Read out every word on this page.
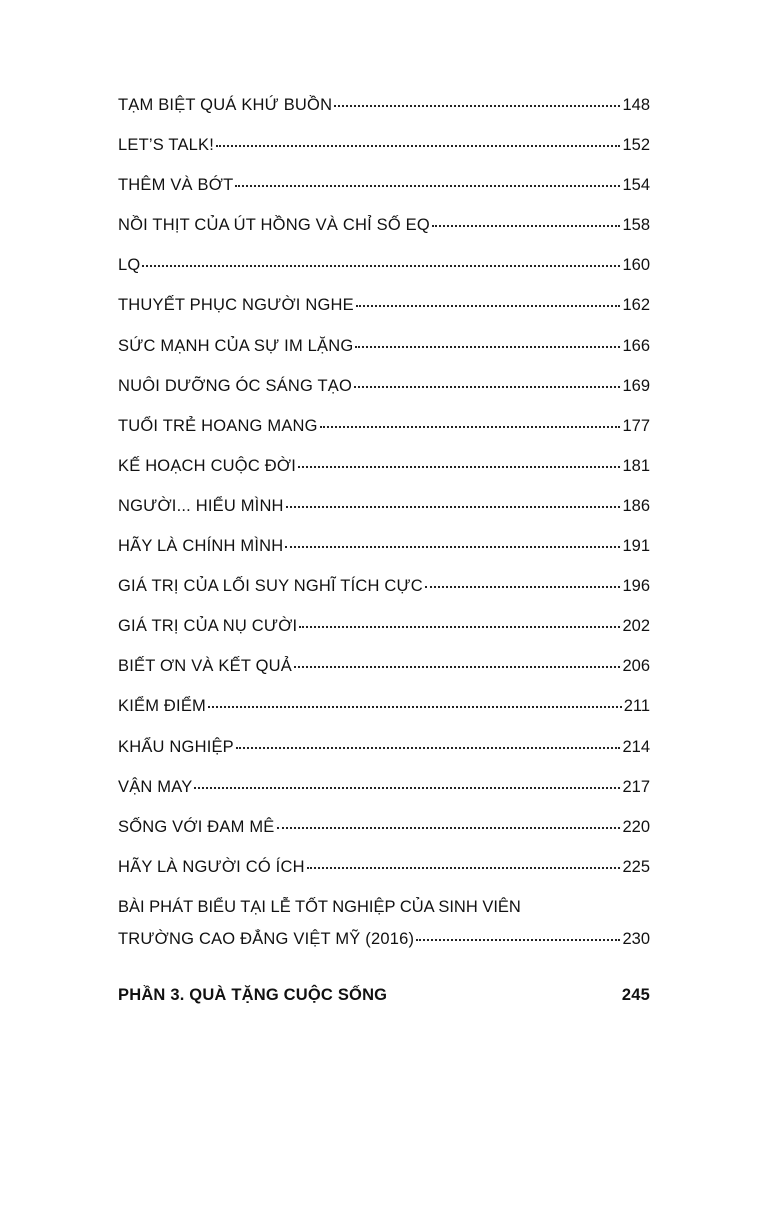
TẠM BIỆT QUÁ KHỨ BUỒN	148
LET’S TALK!	152
THÊM VÀ BỚT	154
NỒI THỊT CỦA ÚT HỒNG VÀ CHỈ SỐ EQ	158
LQ	160
THUYẾT PHỤC NGƯỜI NGHE	162
SỨC MẠNH CỦA SỰ IM LẶNG	166
NUÔI DƯỠNG ÓC SÁNG TẠO	169
TUỔI TRẺ HOANG MANG	177
KẾ HOẠCH CUỘC ĐỜI	181
NGƯỜI... HIỂU MÌNH	186
HÃY LÀ CHÍNH MÌNH	191
GIÁ TRỊ CỦA LỐI SUY NGHĨ TÍCH CỰC	196
GIÁ TRỊ CỦA NỤ CƯỜI	202
BIẾT ƠN VÀ KẾT QUẢ	206
KIỂM ĐIỂM	211
KHẨU NGHIỆP	214
VẬN MAY	217
SỐNG VỚI ĐAM MÊ	220
HÃY LÀ NGƯỜI CÓ ÍCH	225
BÀI PHÁT BIỂU TẠI LỄ TỐT NGHIỆP CỦA SINH VIÊN
TRƯỜNG CAO ĐẲNG VIỆT MỸ (2016)	230
PHẦN 3. QUÀ TẶNG CUỘC SỐNG	245
